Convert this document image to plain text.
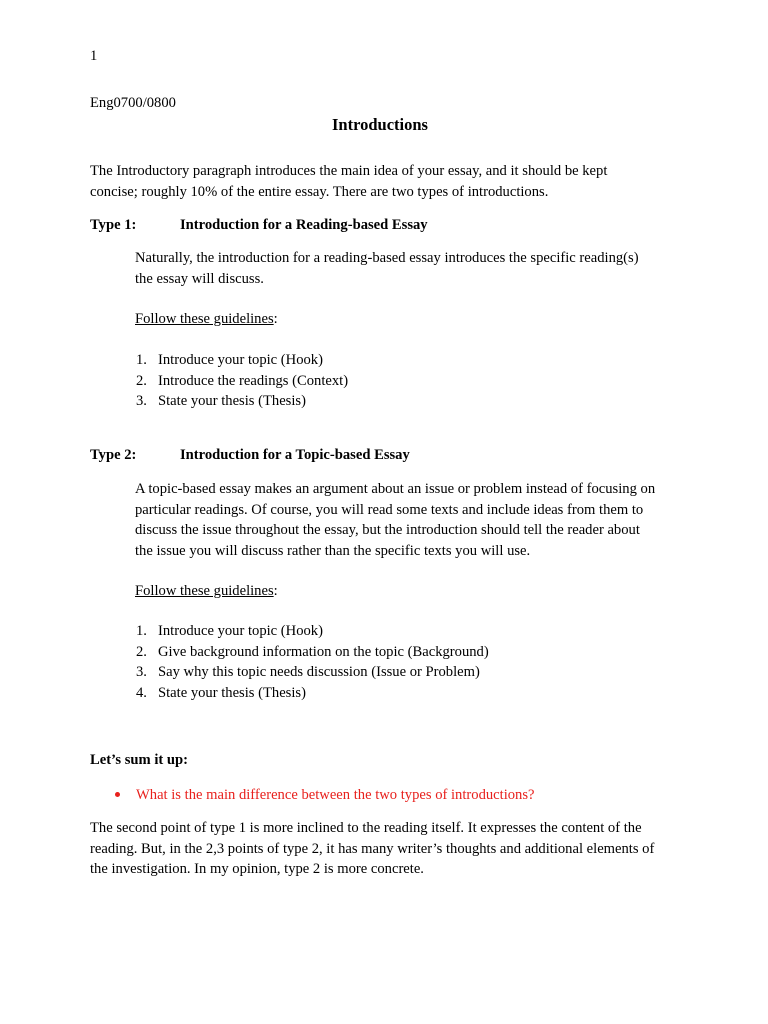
1
Eng0700/0800
Introductions
The Introductory paragraph introduces the main idea of your essay, and it should be kept
concise; roughly 10% of the entire essay. There are two types of introductions.
Type 1:	Introduction for a Reading-based Essay
Naturally, the introduction for a reading-based essay introduces the specific reading(s)
the essay will discuss.
Follow these guidelines:
1. Introduce your topic (Hook)
2. Introduce the readings (Context)
3. State your thesis (Thesis)
Type 2:	Introduction for a Topic-based Essay
A topic-based essay makes an argument about an issue or problem instead of focusing on
particular readings. Of course, you will read some texts and include ideas from them to
discuss the issue throughout the essay, but the introduction should tell the reader about
the issue you will discuss rather than the specific texts you will use.
Follow these guidelines:
1. Introduce your topic (Hook)
2. Give background information on the topic (Background)
3. Say why this topic needs discussion (Issue or Problem)
4. State your thesis (Thesis)
Let’s sum it up:
What is the main difference between the two types of introductions?
The second point of type 1 is more inclined to the reading itself. It expresses the content of the
reading. But, in the 2,3 points of type 2, it has many writer’s thoughts and additional elements of
the investigation. In my opinion, type 2 is more concrete.
